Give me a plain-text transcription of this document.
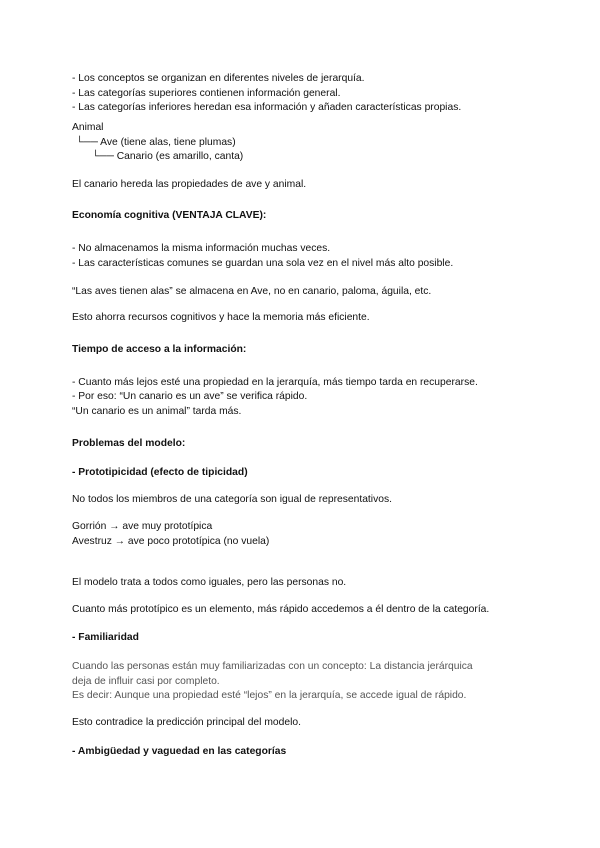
- Los conceptos se organizan en diferentes niveles de jerarquía.
- Las categorías superiores contienen información general.
- Las categorías inferiores heredan esa información y añaden características propias.
Animal
└── Ave (tiene alas, tiene plumas)
└── Canario (es amarillo, canta)
El canario hereda las propiedades de ave y animal.
Economía cognitiva (VENTAJA CLAVE):
- No almacenamos la misma información muchas veces.
- Las características comunes se guardan una sola vez en el nivel más alto posible.
“Las aves tienen alas” se almacena en Ave, no en canario, paloma, águila, etc.
Esto ahorra recursos cognitivos y hace la memoria más eficiente.
Tiempo de acceso a la información:
- Cuanto más lejos esté una propiedad en la jerarquía, más tiempo tarda en recuperarse.
- Por eso: “Un canario es un ave” se verifica rápido.
“Un canario es un animal” tarda más.
Problemas del modelo:
- Prototipicidad (efecto de tipicidad)
No todos los miembros de una categoría son igual de representativos.
Gorrión → ave muy prototípica
Avestruz → ave poco prototípica (no vuela)
El modelo trata a todos como iguales, pero las personas no.
Cuanto más prototípico es un elemento, más rápido accedemos a él dentro de la categoría.
- Familiaridad
Cuando las personas están muy familiarizadas con un concepto: La distancia jerárquica
deja de influir casi por completo.
Es decir: Aunque una propiedad esté “lejos” en la jerarquía, se accede igual de rápido.
Esto contradice la predicción principal del modelo.
- Ambigüedad y vaguedad en las categorías
